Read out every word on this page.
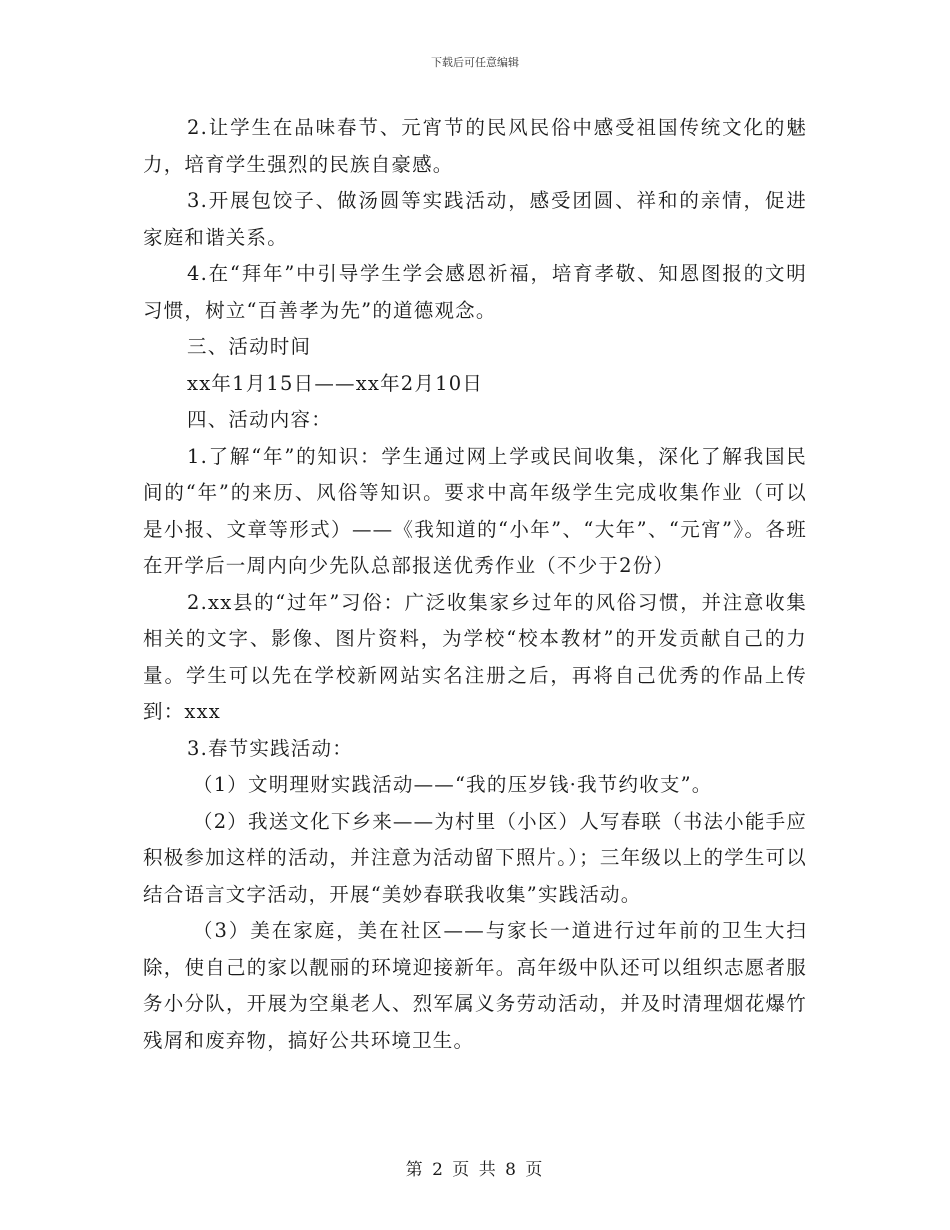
下载后可任意编辑

2.让学生在品味春节、元宵节的民风民俗中感受祖国传统文化的魅力，培育学生强烈的民族自豪感。

3.开展包饺子、做汤圆等实践活动，感受团圆、祥和的亲情，促进家庭和谐关系。

4.在“拜年”中引导学生学会感恩祈福，培育孝敬、知恩图报的文明习惯，树立“百善孝为先”的道德观念。

三、活动时间

xx年1月15日——xx年2月10日

四、活动内容：

1.了解“年”的知识：学生通过网上学或民间收集，深化了解我国民间的“年”的来历、风俗等知识。要求中高年级学生完成收集作业（可以是小报、文章等形式）——《我知道的“小年”、“大年”、“元宵”》。各班在开学后一周内向少先队总部报送优秀作业（不少于2份）

2.xx县的“过年”习俗：广泛收集家乡过年的风俗习惯，并注意收集相关的文字、影像、图片资料，为学校“校本教材”的开发贡献自己的力量。学生可以先在学校新网站实名注册之后，再将自己优秀的作品上传到：xxx

3.春节实践活动：

（1）文明理财实践活动——“我的压岁钱·我节约收支”。

（2）我送文化下乡来——为村里（小区）人写春联（书法小能手应积极参加这样的活动，并注意为活动留下照片。）；三年级以上的学生可以结合语言文字活动，开展“美妙春联我收集”实践活动。

（3）美在家庭，美在社区——与家长一道进行过年前的卫生大扫除，使自己的家以靓丽的环境迎接新年。高年级中队还可以组织志愿者服务小分队，开展为空巢老人、烈军属义务劳动活动，并及时清理烟花爆竹残屑和废弃物，搞好公共环境卫生。

第 2 页 共 8 页
